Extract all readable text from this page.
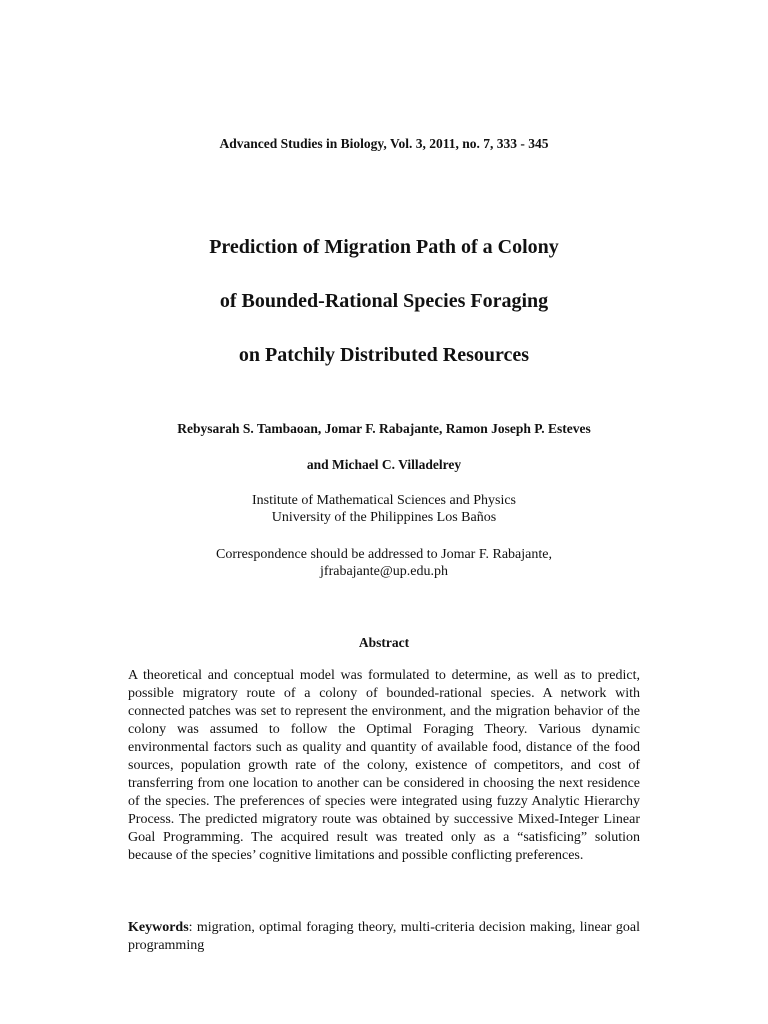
Advanced Studies in Biology, Vol. 3, 2011, no. 7, 333 - 345
Prediction of Migration Path of a Colony
of Bounded-Rational Species Foraging
on Patchily Distributed Resources
Rebysarah S. Tambaoan, Jomar F. Rabajante, Ramon Joseph P. Esteves
and Michael C. Villadelrey
Institute of Mathematical Sciences and Physics
University of the Philippines Los Baños
Correspondence should be addressed to Jomar F. Rabajante,
jfrabajante@up.edu.ph
Abstract
A theoretical and conceptual model was formulated to determine, as well as to predict, possible migratory route of a colony of bounded-rational species. A network with connected patches was set to represent the environment, and the migration behavior of the colony was assumed to follow the Optimal Foraging Theory. Various dynamic environmental factors such as quality and quantity of available food, distance of the food sources, population growth rate of the colony, existence of competitors, and cost of transferring from one location to another can be considered in choosing the next residence of the species. The preferences of species were integrated using fuzzy Analytic Hierarchy Process. The predicted migratory route was obtained by successive Mixed-Integer Linear Goal Programming. The acquired result was treated only as a “satisficing” solution because of the species’ cognitive limitations and possible conflicting preferences.
Keywords: migration, optimal foraging theory, multi-criteria decision making, linear goal programming
